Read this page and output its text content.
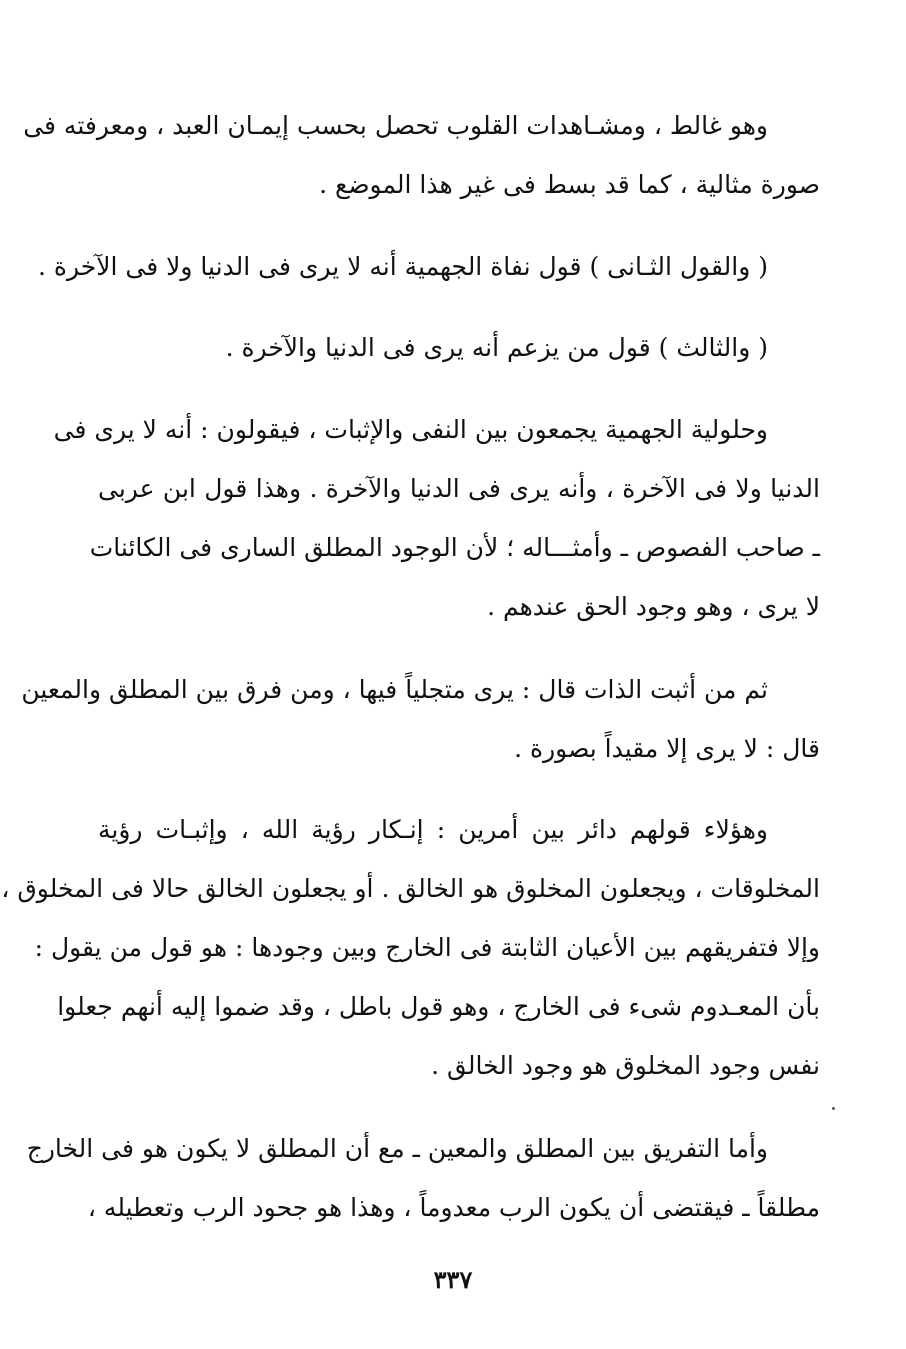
وهو غالط ، ومشـاهدات القلوب تحصل بحسب إيمـان العبد ، ومعرفته فى
صورة مثالية ، كما قد بسط فى غير هذا الموضع .
( والقول الثـانى ) قول نفاة الجهمية أنه لا يرى فى الدنيا ولا فى الآخرة .
( والثالث ) قول من يزعم أنه يرى فى الدنيا والآخرة .
وحلولية الجهمية يجمعون بين النفى والإثبات ، فيقولون : أنه لا يرى فى
الدنيا ولا فى الآخرة ، وأنه يرى فى الدنيا والآخرة . وهذا قول ابن عربى
ـ صاحب الفصوص ـ وأمثـــاله ؛ لأن الوجود المطلق السارى فى الكائنات
لا يرى ، وهو وجود الحق عندهم .
ثم من أثبت الذات قال : يرى متجلياً فيها ، ومن فرق بين المطلق والمعين
قال : لا يرى إلا مقيداً بصورة .
وهؤلاء قولهم دائر بين أمرين : إنـكار رؤية الله ، وإثبـات رؤية
المخلوقات ، ويجعلون المخلوق هو الخالق . أو يجعلون الخالق حالا فى المخلوق ،
وإلا فتفريقهم بين الأعيان الثابتة فى الخارج وبين وجودها : هو قول من يقول :
بأن المعـدوم شىء فى الخارج ، وهو قول باطل ، وقد ضموا إليه أنهم جعلوا
نفس وجود المخلوق هو وجود الخالق .
وأما التفريق بين المطلق والمعين ـ مع أن المطلق لا يكون هو فى الخارج
مطلقاً ـ فيقتضى أن يكون الرب معدوماً ، وهذا هو جحود الرب وتعطيله ،
٣٣٧
